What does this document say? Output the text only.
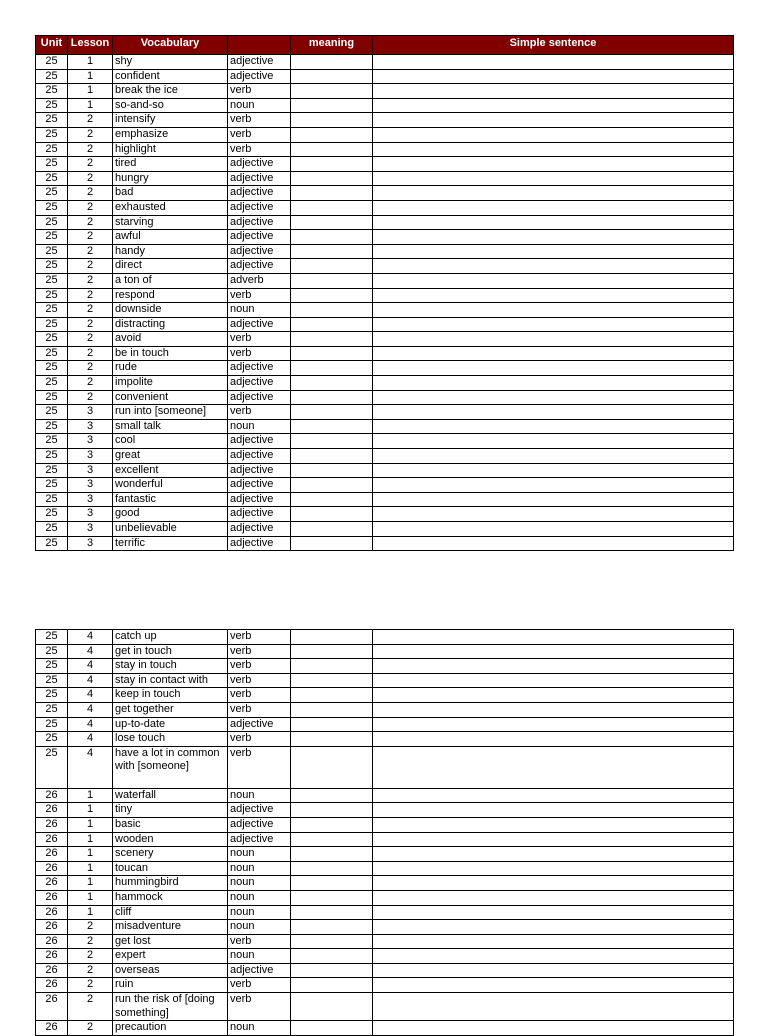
Unit	Lesson	Vocabulary		meaning	Simple sentence
25	1	shy	adjective		
25	1	confident	adjective		
25	1	break the ice	verb		
25	1	so-and-so	noun		
25	2	intensify	verb		
25	2	emphasize	verb		
25	2	highlight	verb		
25	2	tired	adjective		
25	2	hungry	adjective		
25	2	bad	adjective		
25	2	exhausted	adjective		
25	2	starving	adjective		
25	2	awful	adjective		
25	2	handy	adjective		
25	2	direct	adjective		
25	2	a ton of	adverb		
25	2	respond	verb		
25	2	downside	noun		
25	2	distracting	adjective		
25	2	avoid	verb		
25	2	be in touch	verb		
25	2	rude	adjective		
25	2	impolite	adjective		
25	2	convenient	adjective		
25	3	run into [someone]	verb		
25	3	small talk	noun		
25	3	cool	adjective		
25	3	great	adjective		
25	3	excellent	adjective		
25	3	wonderful	adjective		
25	3	fantastic	adjective		
25	3	good	adjective		
25	3	unbelievable	adjective		
25	3	terrific	adjective		
25	4	catch up	verb		
25	4	get in touch	verb		
25	4	stay in touch	verb		
25	4	stay in contact with	verb		
25	4	keep in touch	verb		
25	4	get together	verb		
25	4	up-to-date	adjective		
25	4	lose touch	verb		
25	4	have a lot in common with [someone]	verb		
26	1	waterfall	noun		
26	1	tiny	adjective		
26	1	basic	adjective		
26	1	wooden	adjective		
26	1	scenery	noun		
26	1	toucan	noun		
26	1	hummingbird	noun		
26	1	hammock	noun		
26	1	cliff	noun		
26	2	misadventure	noun		
26	2	get lost	verb		
26	2	expert	noun		
26	2	overseas	adjective		
26	2	ruin	verb		
26	2	run the risk of [doing something]	verb		
26	2	precaution	noun		
